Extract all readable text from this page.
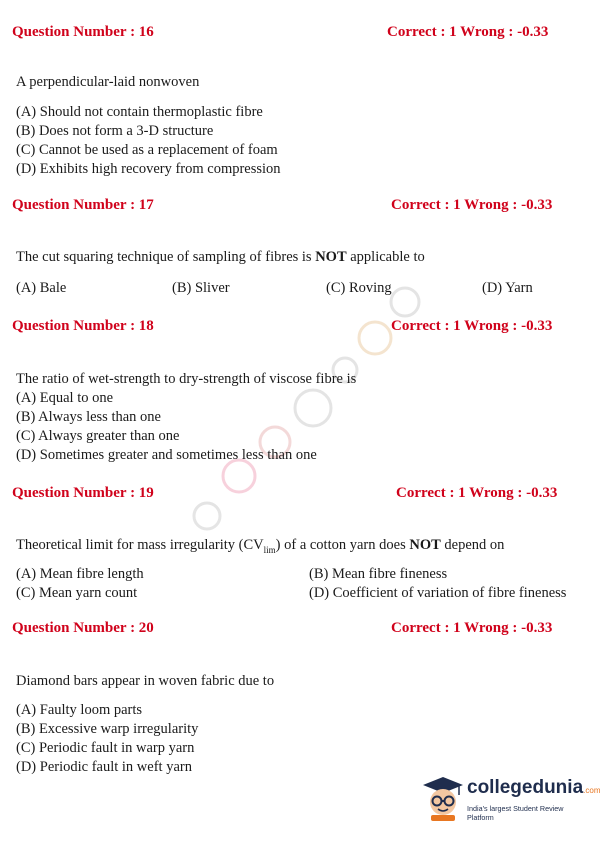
Question Number : 16	Correct : 1 Wrong : -0.33
A perpendicular-laid nonwoven
(A) Should not contain thermoplastic fibre
(B) Does not form a 3-D structure
(C) Cannot be used as a replacement of foam
(D) Exhibits high recovery from compression
Question Number : 17	Correct : 1 Wrong : -0.33
The cut squaring technique of sampling of fibres is NOT applicable to
(A) Bale	(B) Sliver	(C) Roving	(D) Yarn
Question Number : 18	Correct : 1 Wrong : -0.33
The ratio of wet-strength to dry-strength of viscose fibre is
(A) Equal to one
(B) Always less than one
(C) Always greater than one
(D) Sometimes greater and sometimes less than one
Question Number : 19	Correct : 1 Wrong : -0.33
Theoretical limit for mass irregularity $(CV_{lim})$ of a cotton yarn does NOT depend on
(A) Mean fibre length	(B) Mean fibre fineness
(C) Mean yarn count	(D) Coefficient of variation of fibre fineness
Question Number : 20	Correct : 1 Wrong : -0.33
Diamond bars appear in woven fabric due to
(A) Faulty loom parts
(B) Excessive warp irregularity
(C) Periodic fault in warp yarn
(D) Periodic fault in weft yarn
collegedunia.com
India's largest Student Review Platform
